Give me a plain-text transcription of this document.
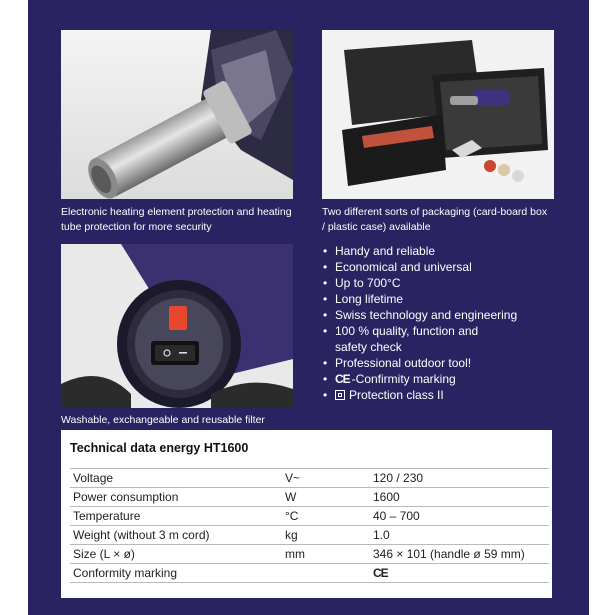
Electronic heating element protection and heating tube protection for more security
Two different sorts of packaging (card-board box / plastic case) available
Washable, exchangeable and reusable filter
• Handy and reliable
• Economical and universal
• Up to 700°C
• Long lifetime
• Swiss technology and engineering
• 100 % quality, function and safety check
• Professional outdoor tool!
• CE -Confirmity marking
• Protection class II
Technical data energy HT1600
Voltage	V~	120 / 230
Power consumption	W	1600
Temperature	°C	40 – 700
Weight (without 3 m cord)	kg	1.0
Size (L × ø)	mm	346 × 101 (handle ø 59 mm)
Conformity marking		CE
